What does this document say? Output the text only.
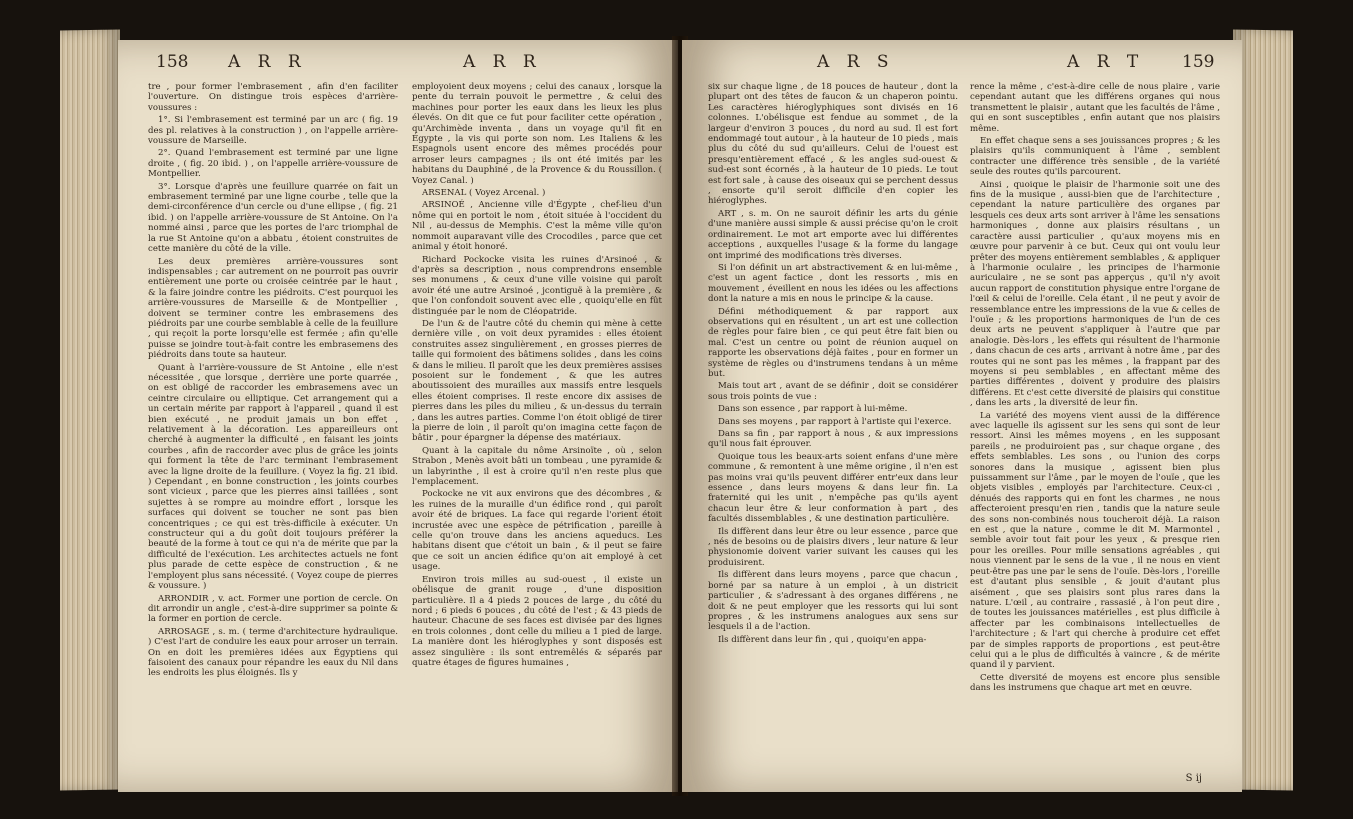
158 A R R	A R R

tre , pour former l'embrasement , afin d'en faciliter l'ouverture. On distingue trois espèces d'arrière-voussures :

1°. Si l'embrasement est terminé par un arc ( fig. 19 des pl. relatives à la construction ) , on l'appelle arrière-voussure de Marseille.

2°. Quand l'embrasement est terminé par une ligne droite , ( fig. 20 ibid. ) , on l'appelle arrière-voussure de Montpellier.

3°. Lorsque d'après une feuillure quarrée on fait un embrasement terminé par une ligne courbe , telle que la demi-circonférence d'un cercle ou d'une ellipse , ( fig. 21 ibid. ) on l'appelle arrière-voussure de St Antoine. On l'a nommé ainsi , parce que les portes de l'arc triomphal de la rue St Antoine qu'on a abbatu , étoient construites de cette manière du côté de la ville.

Les deux premières arrière-voussures sont indispensables ; car autrement on ne pourroit pas ouvrir entièrement une porte ou croisée ceintrée par le haut , & la faire joindre contre les piédroits. C'est pourquoi les arrière-voussures de Marseille & de Montpellier , doivent se terminer contre les embrasemens des piédroits par une courbe semblable à celle de la feuillure , qui reçoit la porte lorsqu'elle est fermée ; afin qu'elle puisse se joindre tout-à-fait contre les embrasemens des piédroits dans toute sa hauteur.

Quant à l'arrière-voussure de St Antoine , elle n'est nécessitée , que lorsque , derrière une porte quarrée , on est obligé de raccorder les embrasemens avec un ceintre circulaire ou elliptique. Cet arrangement qui a un certain mérite par rapport à l'appareil , quand il est bien exécuté , ne produit jamais un bon effet , relativement à la décoration. Les appareilleurs ont cherché à augmenter la difficulté , en faisant les joints courbes , afin de raccorder avec plus de grâce les joints qui forment la tête de l'arc terminant l'embrasement avec la ligne droite de la feuillure. ( Voyez la fig. 21 ibid. ) Cependant , en bonne construction , les joints courbes sont vicieux , parce que les pierres ainsi taillées , sont sujettes à se rompre au moindre effort , lorsque les surfaces qui doivent se toucher ne sont pas bien concentriques ; ce qui est très-difficile à exécuter. Un constructeur qui a du goût doit toujours préférer la beauté de la forme à tout ce qui n'a de mérite que par la difficulté de l'exécution. Les architectes actuels ne font plus parade de cette espèce de construction , & ne l'employent plus sans nécessité. ( Voyez coupe de pierres & voussure. )

ARRONDIR , v. act. Former une portion de cercle. On dit arrondir un angle , c'est-à-dire supprimer sa pointe & la former en portion de cercle.

ARROSAGE , s. m. ( terme d'architecture hydraulique. ) C'est l'art de conduire les eaux pour arroser un terrain. On en doit les premières idées aux Égyptiens qui faisoient des canaux pour répandre les eaux du Nil dans les endroits les plus éloignés. Ils y

employoient deux moyens ; celui des canaux , lorsque la pente du terrain pouvoit le permettre , & celui des machines pour porter les eaux dans les lieux les plus élevés. On dit que ce fut pour faciliter cette opération , qu'Archimède inventa , dans un voyage qu'il fit en Égypte , la vis qui porte son nom. Les Italiens & les Espagnols usent encore des mêmes procédés pour arroser leurs campagnes ; ils ont été imités par les habitans du Dauphiné , de la Provence & du Roussillon. ( Voyez Canal. )

ARSENAL ( Voyez Arcenal. )

ARSINOÉ , Ancienne ville d'Égypte , chef-lieu d'un nôme qui en portoit le nom , étoit située à l'occident du Nil , au-dessus de Memphis. C'est la même ville qu'on nommoit auparavant ville des Crocodiles , parce que cet animal y étoit honoré.

Richard Pockocke visita les ruines d'Arsinoé , & d'après sa description , nous comprendrons ensemble ses monumens , & ceux d'une ville voisine qui paroît avoir été une autre Arsinoé , jcontiguë à la première , & que l'on confondoit souvent avec elle , quoiqu'elle en fût distinguée par le nom de Cléopatride.

De l'un & de l'autre côté du chemin qui mène à cette dernière ville , on voit deux pyramides : elles étoient construites assez singulièrement , en grosses pierres de taille qui formoient des bâtimens solides , dans les coins & dans le milieu. Il paroît que les deux premières assises posoient sur le fondement , & que les autres aboutissoient des murailles aux massifs entre lesquels elles étoient comprises. Il reste encore dix assises de pierres dans les piles du milieu , & un-dessus du terrain , dans les autres parties. Comme l'on étoit obligé de tirer la pierre de loin , il paroît qu'on imagina cette façon de bâtir , pour épargner la dépense des matériaux.

Quant à la capitale du nôme Arsinoïte , où , selon Strabon , Menès avoit bâti un tombeau , une pyramide & un labyrinthe , il est à croire qu'il n'en reste plus que l'emplacement.

Pockocke ne vit aux environs que des décombres , & les ruines de la muraille d'un édifice rond , qui paroît avoir été de briques. La face qui regarde l'orient étoit incrustée avec une espèce de pétrification , pareille à celle qu'on trouve dans les anciens aqueducs. Les habitans disent que c'étoit un bain , & il peut se faire que ce soit un ancien édifice qu'on ait employé à cet usage.

Environ trois milles au sud-ouest , il existe un obélisque de granit rouge , d'une disposition particulière. Il a 4 pieds 2 pouces de large , du côté du nord ; 6 pieds 6 pouces , du côté de l'est ; & 43 pieds de hauteur. Chacune de ses faces est divisée par des lignes en trois colonnes , dont celle du milieu a 1 pied de large. La manière dont les hiéroglyphes y sont disposés est assez singulière : ils sont entremêlés & séparés par quatre étages de figures humaines ,

A R S	A R T 159

six sur chaque ligne , de 18 pouces de hauteur , dont la plupart ont des têtes de faucon & un chaperon pointu. Les caractères hiéroglyphiques sont divisés en 16 colonnes. L'obélisque est fendue au sommet , de la largeur d'environ 3 pouces , du nord au sud. Il est fort endommagé tout autour , à la hauteur de 10 pieds , mais plus du côté du sud qu'ailleurs. Celui de l'ouest est presqu'entièrement effacé , & les angles sud-ouest & sud-est sont écornés , à la hauteur de 10 pieds. Le tout est fort sale , à cause des oiseaux qui se perchent dessus , ensorte qu'il seroit difficile d'en copier les hiéroglyphes.

ART , s. m. On ne sauroit définir les arts du génie d'une manière aussi simple & aussi précise qu'on le croit ordinairement. Le mot art emporte avec lui différentes acceptions , auxquelles l'usage & la forme du langage ont imprimé des modifications très diverses.

Si l'on définit un art abstractivement & en lui-même , c'est un agent factice , dont les ressorts , mis en mouvement , éveillent en nous les idées ou les affections dont la nature a mis en nous le principe & la cause.

Défini méthodiquement & par rapport aux observations qui en résultent , un art est une collection de règles pour faire bien , ce qui peut être fait bien ou mal. C'est un centre ou point de réunion auquel on rapporte les observations déjà faites , pour en former un système de règles ou d'instrumens tendans à un même but.

Mais tout art , avant de se définir , doit se considérer sous trois points de vue :

Dans son essence , par rapport à lui-même.

Dans ses moyens , par rapport à l'artiste qui l'exerce.

Dans sa fin , par rapport à nous , & aux impressions qu'il nous fait éprouver.

Quoique tous les beaux-arts soient enfans d'une mère commune , & remontent à une même origine , il n'en est pas moins vrai qu'ils peuvent différer entr'eux dans leur essence , dans leurs moyens & dans leur fin. La fraternité qui les unit , n'empêche pas qu'ils ayent chacun leur être & leur conformation à part , des facultés dissemblables , & une destination particulière.

Ils diffèrent dans leur être ou leur essence , parce que , nés de besoins ou de plaisirs divers , leur nature & leur physionomie doivent varier suivant les causes qui les produisirent.

Ils diffèrent dans leurs moyens , parce que chacun , borné par sa nature à un emploi , à un districit particulier , & s'adressant à des organes différens , ne doit & ne peut employer que les ressorts qui lui sont propres , & les instrumens analogues aux sens sur lesquels il a de l'action.

Ils diffèrent dans leur fin , qui , quoiqu'en appa-

rence la même , c'est-à-dire celle de nous plaire , varie cependant autant que les différens organes qui nous transmettent le plaisir , autant que les facultés de l'âme , qui en sont susceptibles , enfin autant que nos plaisirs même.

En effet chaque sens a ses jouissances propres ; & les plaisirs qu'ils communiquent à l'âme , semblent contracter une différence très sensible , de la variété seule des routes qu'ils parcourent.

Ainsi , quoique le plaisir de l'harmonie soit une des fins de la musique , aussi-bien que de l'architecture , cependant la nature particulière des organes par lesquels ces deux arts sont arriver à l'âme les sensations harmoniques , donne aux plaisirs résultans , un caractère aussi particulier , qu'aux moyens mis en œuvre pour parvenir à ce but. Ceux qui ont voulu leur prêter des moyens entièrement semblables , & appliquer à l'harmonie oculaire , les principes de l'harmonie auriculaire , ne se sont pas apperçus , qu'il n'y avoit aucun rapport de constitution physique entre l'organe de l'œil & celui de l'oreille. Cela étant , il ne peut y avoir de ressemblance entre les impressions de la vue & celles de l'ouïe ; & les proportions harmoniques de l'un de ces deux arts ne peuvent s'appliquer à l'autre que par analogie. Dès-lors , les effets qui résultent de l'harmonie , dans chacun de ces arts , arrivant à notre âme , par des routes qui ne sont pas les mêmes , la frappant par des moyens si peu semblables , en affectant même des parties différentes , doivent y produire des plaisirs différens. Et c'est cette diversité de plaisirs qui constitue , dans les arts , la diversité de leur fin.

La variété des moyens vient aussi de la différence avec laquelle ils agissent sur les sens qui sont de leur ressort. Ainsi les mêmes moyens , en les supposant pareils , ne produiroient pas , sur chaque organe , des effets semblables. Les sons , ou l'union des corps sonores dans la musique , agissent bien plus puissamment sur l'âme , par le moyen de l'ouïe , que les objets visibles , employés par l'architecture. Ceux-ci , dénués des rapports qui en font les charmes , ne nous affecteroient presqu'en rien , tandis que la nature seule des sons non-combinés nous toucheroit déjà. La raison en est , que la nature , comme le dit M. Marmontel , semble avoir tout fait pour les yeux , & presque rien pour les oreilles. Pour mille sensations agréables , qui nous viennent par le sens de la vue , il ne nous en vient peut-être pas une par le sens de l'ouïe. Dès-lors , l'oreille est d'autant plus sensible , & jouit d'autant plus aisément , que ses plaisirs sont plus rares dans la nature. L'œil , au contraire , rassasié , à l'on peut dire , de toutes les jouissances matérielles , est plus difficile à affecter par les combinaisons intellectuelles de l'architecture ; & l'art qui cherche à produire cet effet par de simples rapports de proportions , est peut-être celui qui a le plus de difficultés à vaincre , & de mérite quand il y parvient.

Cette diversité de moyens est encore plus sensible dans les instrumens que chaque art met en œuvre.

S ij
